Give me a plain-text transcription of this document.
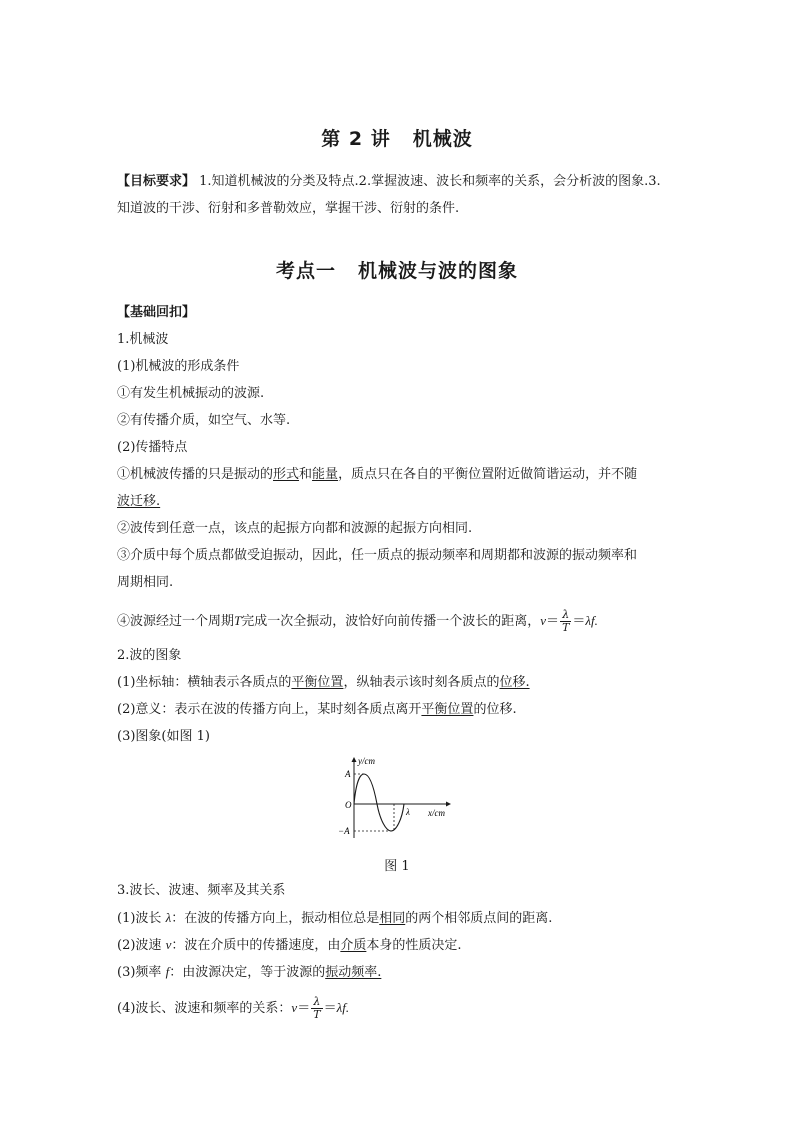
第 2 讲 机械波
【目标要求】 1.知道机械波的分类及特点.2.掌握波速、波长和频率的关系，会分析波的图象.3.
知道波的干涉、衍射和多普勒效应，掌握干涉、衍射的条件.
考点一 机械波与波的图象
【基础回扣】
1.机械波
(1)机械波的形成条件
①有发生机械振动的波源.
②有传播介质，如空气、水等.
(2)传播特点
①机械波传播的只是振动的形式和能量，质点只在各自的平衡位置附近做简谐运动，并不随
波迁移.
②波传到任意一点，该点的起振方向都和波源的起振方向相同.
③介质中每个质点都做受迫振动，因此，任一质点的振动频率和周期都和波源的振动频率和
周期相同.
④波源经过一个周期T完成一次全振动，波恰好向前传播一个波长的距离，$v= \frac{\lambda}{T} =\lambda f$.
2.波的图象
(1)坐标轴：横轴表示各质点的平衡位置，纵轴表示该时刻各质点的位移.
(2)意义：表示在波的传播方向上，某时刻各质点离开平衡位置的位移.
(3)图象(如图 1)
y/cm
x/cm
O
A
−A
λ
图 1
3.波长、波速、频率及其关系
(1)波长 λ：在波的传播方向上，振动相位总是相同的两个相邻质点间的距离.
(2)波速 v：波在介质中的传播速度，由介质本身的性质决定.
(3)频率 f：由波源决定，等于波源的振动频率.
(4)波长、波速和频率的关系：$v= \frac{\lambda}{T} =\lambda f$.
